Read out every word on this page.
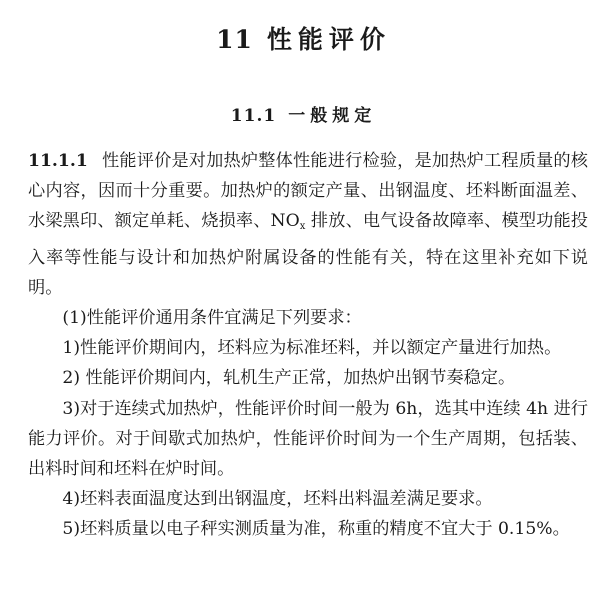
11 性能评价
11.1 一般规定

11.1.1 性能评价是对加热炉整体性能进行检验，是加热炉工程质量的核心内容，因而十分重要。加热炉的额定产量、出钢温度、坯料断面温差、水梁黑印、额定单耗、烧损率、$NO_x$ 排放、电气设备故障率、模型功能投入率等性能与设计和加热炉附属设备的性能有关，特在这里补充如下说明。

(1)性能评价通用条件宜满足下列要求：

1)性能评价期间内，坯料应为标准坯料，并以额定产量进行加热。

2) 性能评价期间内，轧机生产正常，加热炉出钢节奏稳定。

3)对于连续式加热炉，性能评价时间一般为 6h，选其中连续 4h 进行能力评价。对于间歇式加热炉，性能评价时间为一个生产周期，包括装、出料时间和坯料在炉时间。

4)坯料表面温度达到出钢温度，坯料出料温差满足要求。

5)坯料质量以电子秤实测质量为准，称重的精度不宜大于 0.15%。
